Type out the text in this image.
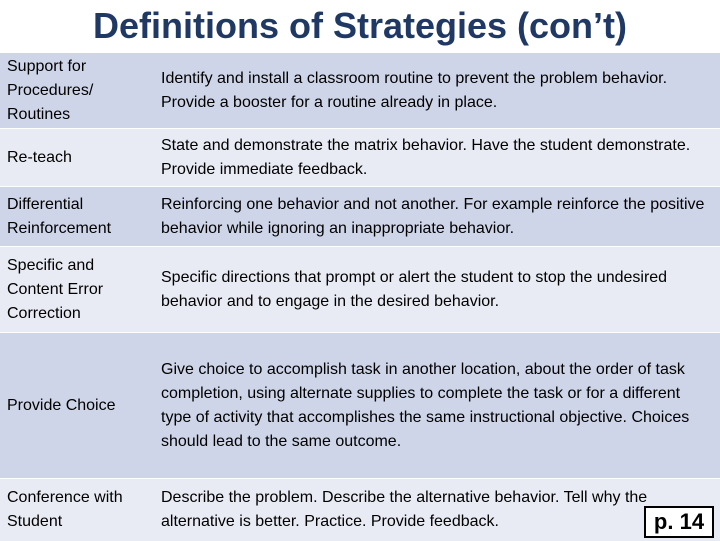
Definitions of Strategies (con’t)
Support for Procedures/ Routines
Identify and install a classroom routine to prevent the problem behavior. Provide a booster for a routine already in place.
Re-teach
State and demonstrate the matrix behavior. Have the student demonstrate. Provide immediate feedback.
Differential Reinforcement
Reinforcing one behavior and not another. For example reinforce the positive behavior while ignoring an inappropriate behavior.
Specific and Content Error Correction
Specific directions that prompt or alert the student to stop the undesired behavior and to engage in the desired behavior.
Provide Choice
Give choice to accomplish task in another location, about the order of task completion, using alternate supplies to complete the task or for a different type of activity that accomplishes the same instructional objective. Choices should lead to the same outcome.
Conference with Student
Describe the problem. Describe the alternative behavior. Tell why the alternative is better. Practice. Provide feedback.	p. 14
